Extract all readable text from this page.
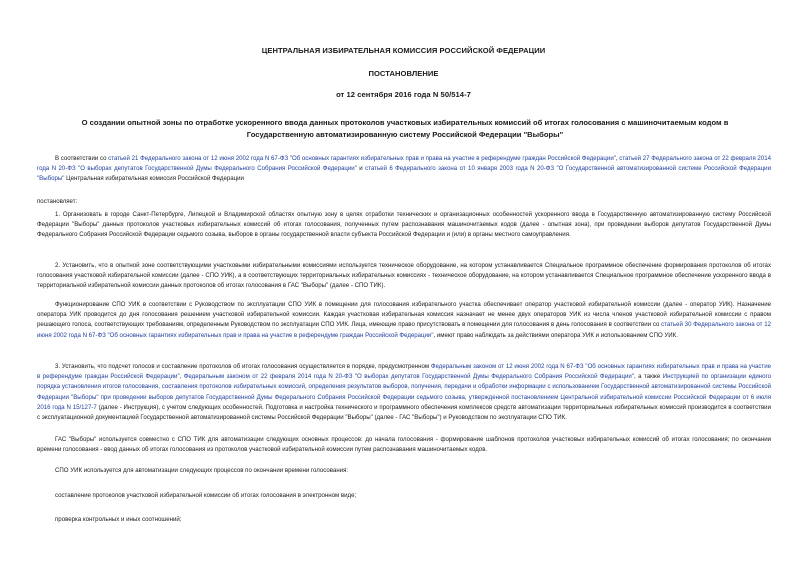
ЦЕНТРАЛЬНАЯ ИЗБИРАТЕЛЬНАЯ КОМИССИЯ РОССИЙСКОЙ ФЕДЕРАЦИИ
ПОСТАНОВЛЕНИЕ
от 12 сентября 2016 года N 50/514-7
О создании опытной зоны по отработке ускоренного ввода данных протоколов участковых избирательных комиссий об итогах голосования с машиночитаемым кодом в Государственную автоматизированную систему Российской Федерации "Выборы"
В соответствии со статьей 21 Федерального закона от 12 июня 2002 года N 67-ФЗ "Об основных гарантиях избирательных прав и права на участие в референдуме граждан Российской Федерации", статьей 27 Федерального закона от 22 февраля 2014 года N 20-ФЗ "О выборах депутатов Государственной Думы Федерального Собрания Российской Федерации" и статьей 6 Федерального закона от 10 января 2003 года N 20-ФЗ "О Государственной автоматизированной системе Российской Федерации "Выборы" Центральная избирательная комиссия Российской Федерации
постановляет:
1. Организовать в городе Санкт-Петербурге, Липецкой и Владимирской областях опытную зону в целях отработки технических и организационных особенностей ускоренного ввода в Государственную автоматизированную систему Российской Федерации "Выборы" данных протоколов участковых избирательных комиссий об итогах голосования, полученных путем распознавания машиночитаемых кодов (далее - опытная зона), при проведении выборов депутатов Государственной Думы Федерального Собрания Российской Федерации седьмого созыва, выборов в органы государственной власти субъекта Российской Федерации и (или) в органы местного самоуправления.
2. Установить, что в опытной зоне соответствующими участковыми избирательными комиссиями используется техническое оборудование, на котором устанавливается Специальное программное обеспечение формирования протоколов об итогах голосования участковой избирательной комиссии (далее - СПО УИК), а в соответствующих территориальных избирательных комиссиях - техническое оборудование, на котором устанавливается Специальное программное обеспечение ускоренного ввода в территориальной избирательной комиссии данных протоколов об итогах голосования в ГАС "Выборы" (далее - СПО ТИК).
Функционирование СПО УИК в соответствии с Руководством по эксплуатации СПО УИК в помещении для голосования избирательного участка обеспечивает оператор участковой избирательной комиссии (далее - оператор УИК). Назначение оператора УИК проводится до дня голосования решением участковой избирательной комиссии. Каждая участковая избирательная комиссия назначает не менее двух операторов УИК из числа членов участковой избирательной комиссии с правом решающего голоса, соответствующих требованиям, определенным Руководством по эксплуатации СПО УИК. Лица, имеющие право присутствовать в помещении для голосования в день голосования в соответствии со статьей 30 Федерального закона от 12 июня 2002 года N 67-ФЗ "Об основных гарантиях избирательных прав и права на участие в референдуме граждан Российской Федерации", имеют право наблюдать за действиями оператора УИК и использованием СПО УИК.
3. Установить, что подсчет голосов и составление протоколов об итогах голосования осуществляется в порядке, предусмотренном Федеральным законом от 12 июня 2002 года N 67-ФЗ "Об основных гарантиях избирательных прав и права на участие в референдуме граждан Российской Федерации", Федеральным законом от 22 февраля 2014 года N 20-ФЗ "О выборах депутатов Государственной Думы Федерального Собрания Российской Федерации", а также Инструкцией по организации единого порядка установления итогов голосования, составления протоколов избирательных комиссий, определения результатов выборов, получения, передачи и обработки информации с использованием Государственной автоматизированной системы Российской Федерации "Выборы" при проведении выборов депутатов Государственной Думы Федерального Собрания Российской Федерации седьмого созыва, утвержденной постановлением Центральной избирательной комиссии Российской Федерации от 6 июля 2016 года N 15/127-7 (далее - Инструкция), с учетом следующих особенностей. Подготовка и настройка технического и программного обеспечения комплексов средств автоматизации территориальных избирательных комиссий производится в соответствии с эксплуатационной документацией Государственной автоматизированной системы Российской Федерации "Выборы" (далее - ГАС "Выборы") и Руководством по эксплуатации СПО ТИК.
ГАС "Выборы" используется совместно с СПО ТИК для автоматизации следующих основных процессов: до начала голосования - формирование шаблонов протоколов участковых избирательных комиссий об итогах голосования; по окончании времени голосования - ввод данных об итогах голосования из протоколов участковой избирательной комиссии путем распознавания машиночитаемых кодов.
СПО УИК используется для автоматизации следующих процессов по окончании времени голосования:
составление протоколов участковой избирательной комиссии об итогах голосования в электронном виде;
проверка контрольных и иных соотношений;
